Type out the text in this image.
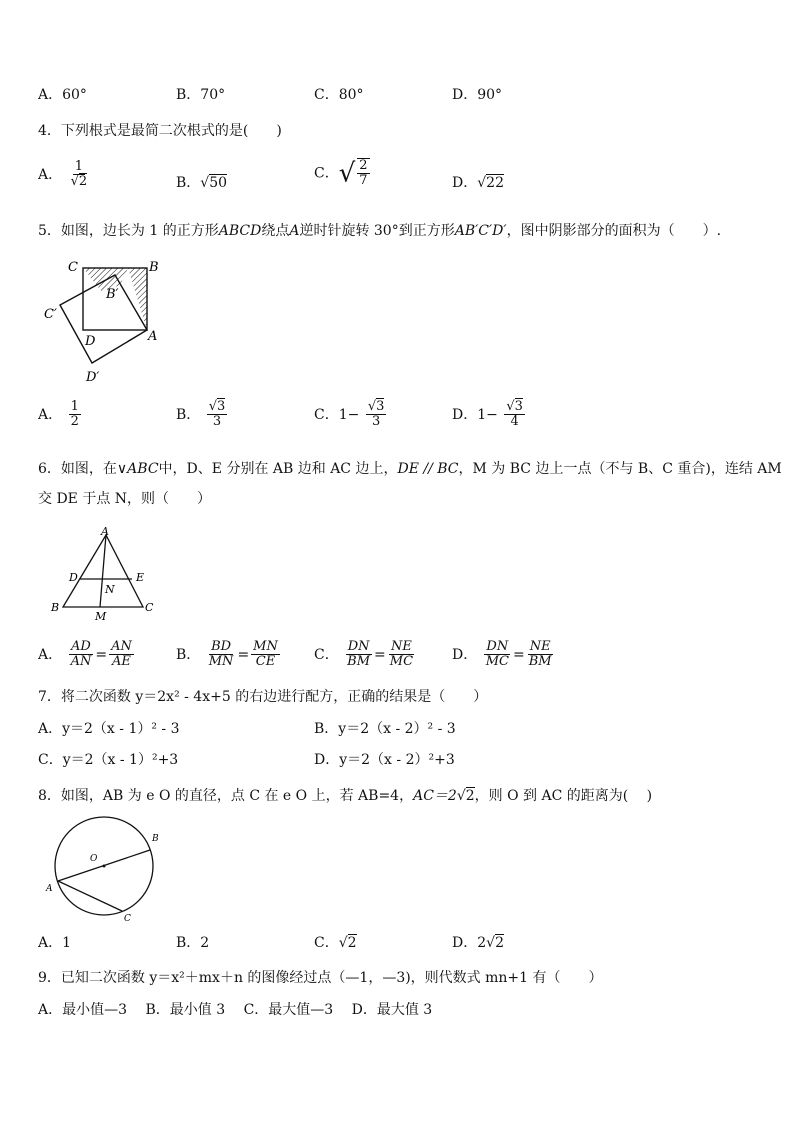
A．60°	B．70°	C．80°	D．90°
4．下列根式是最简二次根式的是(　　)
A． $\frac{1}{√2}$	B．√50
C．√ $\frac{2}{7}$	D．√22
5．如图，边长为 1 的正方形ABCD绕点A逆时针旋转 30°到正方形AB′C′D′，图中阴影部分的面积为（　　）.
C	B
B′
C′
D	A
D′
A． $\frac{1}{2}$	B． $\frac{√3}{3}$	C．$1- \frac{√3}{3}$	D．$1- \frac{√3}{4}$
6．如图，在∨ABC中，D、E 分别在 AB 边和 AC 边上，DE // BC，M 为 BC 边上一点（不与 B、C 重合)，连结 AM
交 DE 于点 N，则（　　）
A
D	E
N
B	C
M
A． $\frac{AD}{AN} = \frac{AN}{AE}$	B． $\frac{BD}{MN} = \frac{MN}{CE}$ C． $\frac{DN}{BM} = \frac{NE}{MC}$	D． $\frac{DN}{MC} = \frac{NE}{BM}$
7．将二次函数 y＝2x² - 4x+5 的右边进行配方，正确的结果是（　　）
A．y＝2（x - 1）² - 3	B．y＝2（x - 2）² - 3
C．y＝2（x - 1）²+3	D．y＝2（x - 2）²+3
8．如图，AB 为 e O 的直径，点 C 在 e O 上，若 AB=4，AC＝2√2，则 O 到 AC 的距离为(　 )
B
O
A
C
A．1	B．2	C．√2	D．2√2
9．已知二次函数 y＝x²＋mx＋n 的图像经过点（—1，—3)，则代数式 mn+1 有（　　）
A．最小值—3　 B．最小值 3　 C．最大值—3　 D．最大值 3
